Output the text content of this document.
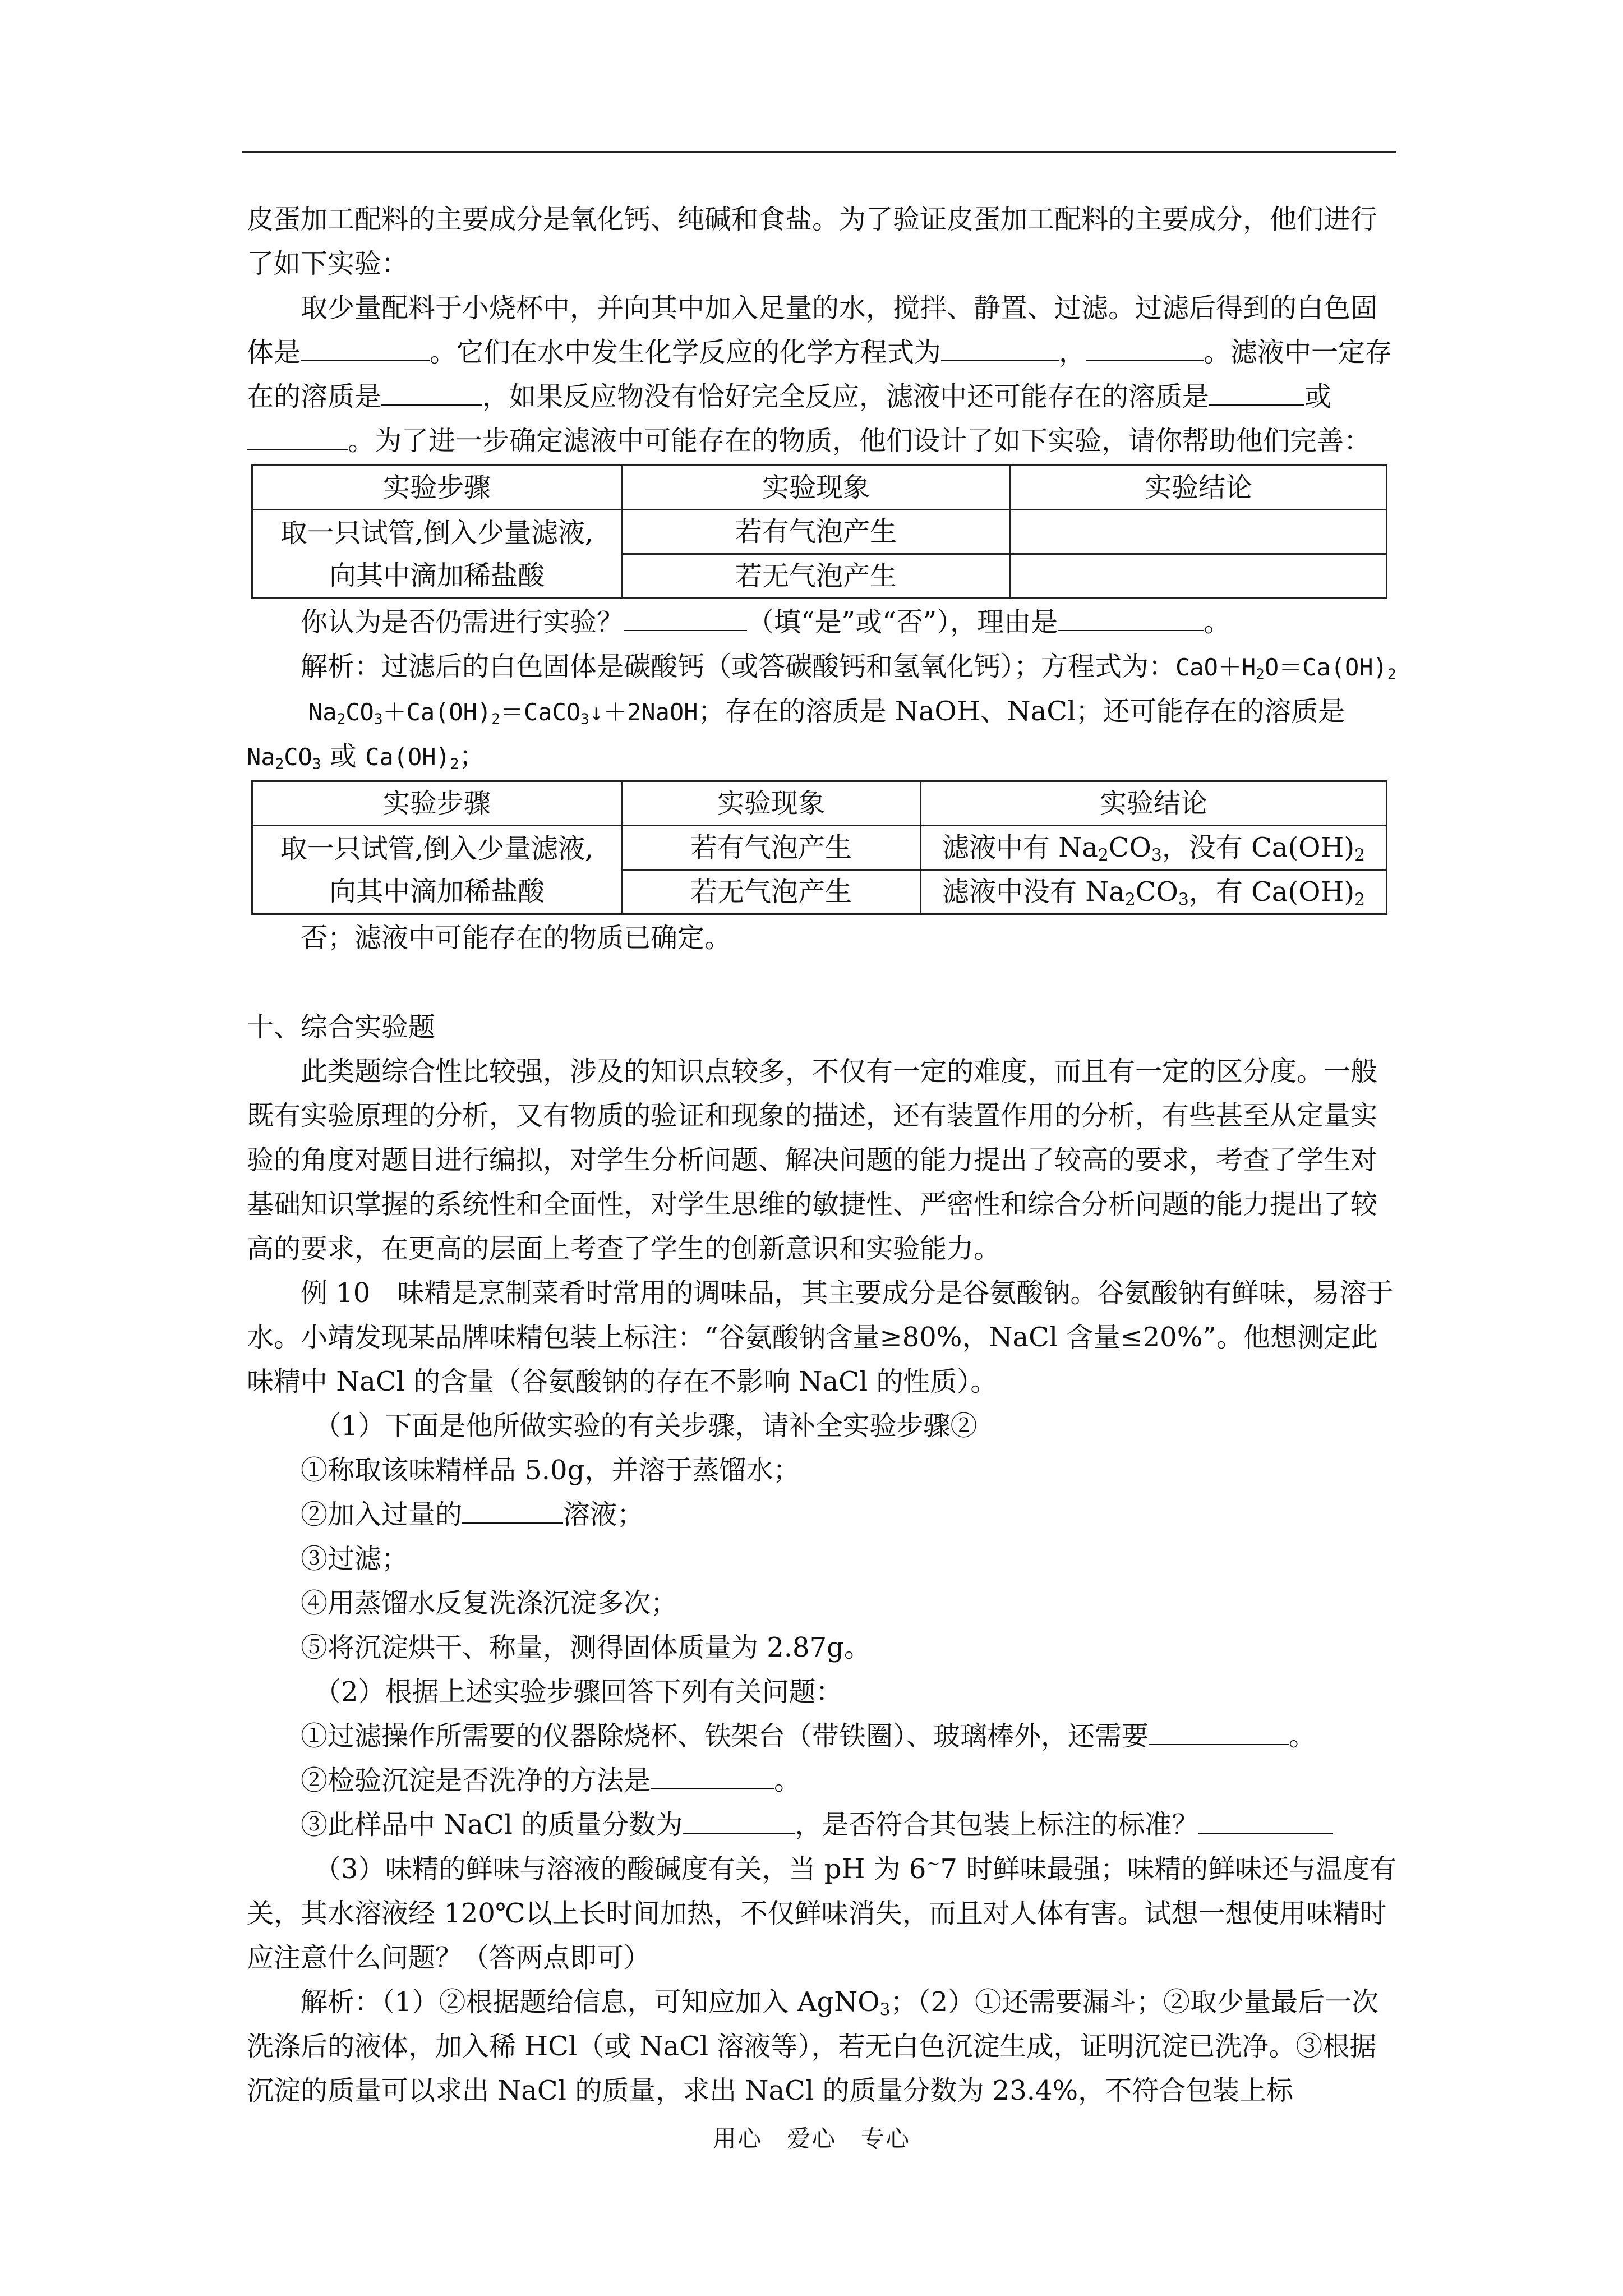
皮蛋加工配料的主要成分是氧化钙、纯碱和食盐。为了验证皮蛋加工配料的主要成分，他们进行了如下实验：

取少量配料于小烧杯中，并向其中加入足量的水，搅拌、静置、过滤。过滤后得到的白色固体是	。它们在水中发生化学反应的化学方程式为	，	。滤液中一定存在的溶质是	，如果反应物没有恰好完全反应，滤液中还可能存在的溶质是	或。为了进一步确定滤液中可能存在的物质，他们设计了如下实验，请你帮助他们完善：

实验步骤	实验现象	实验结论

取一只试管,倒入少量滤液,
向其中滴加稀盐酸	若有气泡产生	
	若无气泡产生	

你认为是否仍需进行实验？	（填“是”或“否”），理由是	。

解析：过滤后的白色固体是碳酸钙（或答碳酸钙和氢氧化钙）；方程式为：$CaO+H_2O=Ca(OH)_2Na_2CO_3+Ca(OH)_2=CaCO_3↓+2NaOH$；存在的溶质是 NaOH、NaCl；还可能存在的溶质是 $Na_2CO_3$ 或 $Ca(OH)_2$；

实验步骤	实验现象	实验结论

取一只试管,倒入少量滤液,
向其中滴加稀盐酸	若有气泡产生	滤液中有 $Na_2CO_3$，没有 $Ca(OH)_2$
	若无气泡产生	滤液中没有 $Na_2CO_3$，有 $Ca(OH)_2$

否；滤液中可能存在的物质已确定。

十、综合实验题

此类题综合性比较强，涉及的知识点较多，不仅有一定的难度，而且有一定的区分度。一般既有实验原理的分析，又有物质的验证和现象的描述，还有装置作用的分析，有些甚至从定量实验的角度对题目进行编拟，对学生分析问题、解决问题的能力提出了较高的要求，考查了学生对基础知识掌握的系统性和全面性，对学生思维的敏捷性、严密性和综合分析问题的能力提出了较高的要求，在更高的层面上考查了学生的创新意识和实验能力。

例 10　味精是烹制菜肴时常用的调味品，其主要成分是谷氨酸钠。谷氨酸钠有鲜味，易溶于水。小靖发现某品牌味精包装上标注：“谷氨酸钠含量≥80%，NaCl 含量≤20%”。他想测定此味精中 NaCl 的含量（谷氨酸钠的存在不影响 NaCl 的性质）。

（1）下面是他所做实验的有关步骤，请补全实验步骤②

①称取该味精样品 5.0g，并溶于蒸馏水；

②加入过量的	溶液；

③过滤；

④用蒸馏水反复洗涤沉淀多次；

⑤将沉淀烘干、称量，测得固体质量为 2.87g。

（2）根据上述实验步骤回答下列有关问题：

①过滤操作所需要的仪器除烧杯、铁架台（带铁圈）、玻璃棒外，还需要	。

②检验沉淀是否洗净的方法是	。

③此样品中 NaCl 的质量分数为	，是否符合其包装上标注的标准？

（3）味精的鲜味与溶液的酸碱度有关，当 pH 为 6~7 时鲜味最强；味精的鲜味还与温度有关，其水溶液经 120℃以上长时间加热，不仅鲜味消失，而且对人体有害。试想一想使用味精时应注意什么问题？（答两点即可）

解析：（1）②根据题给信息，可知应加入 AgNO$_3$；（2）①还需要漏斗；②取少量最后一次洗涤后的液体，加入稀 HCl（或 NaCl 溶液等），若无白色沉淀生成，证明沉淀已洗净。③根据沉淀的质量可以求出 NaCl 的质量，求出 NaCl 的质量分数为 23.4%，不符合包装上标

用心 爱心 专心
